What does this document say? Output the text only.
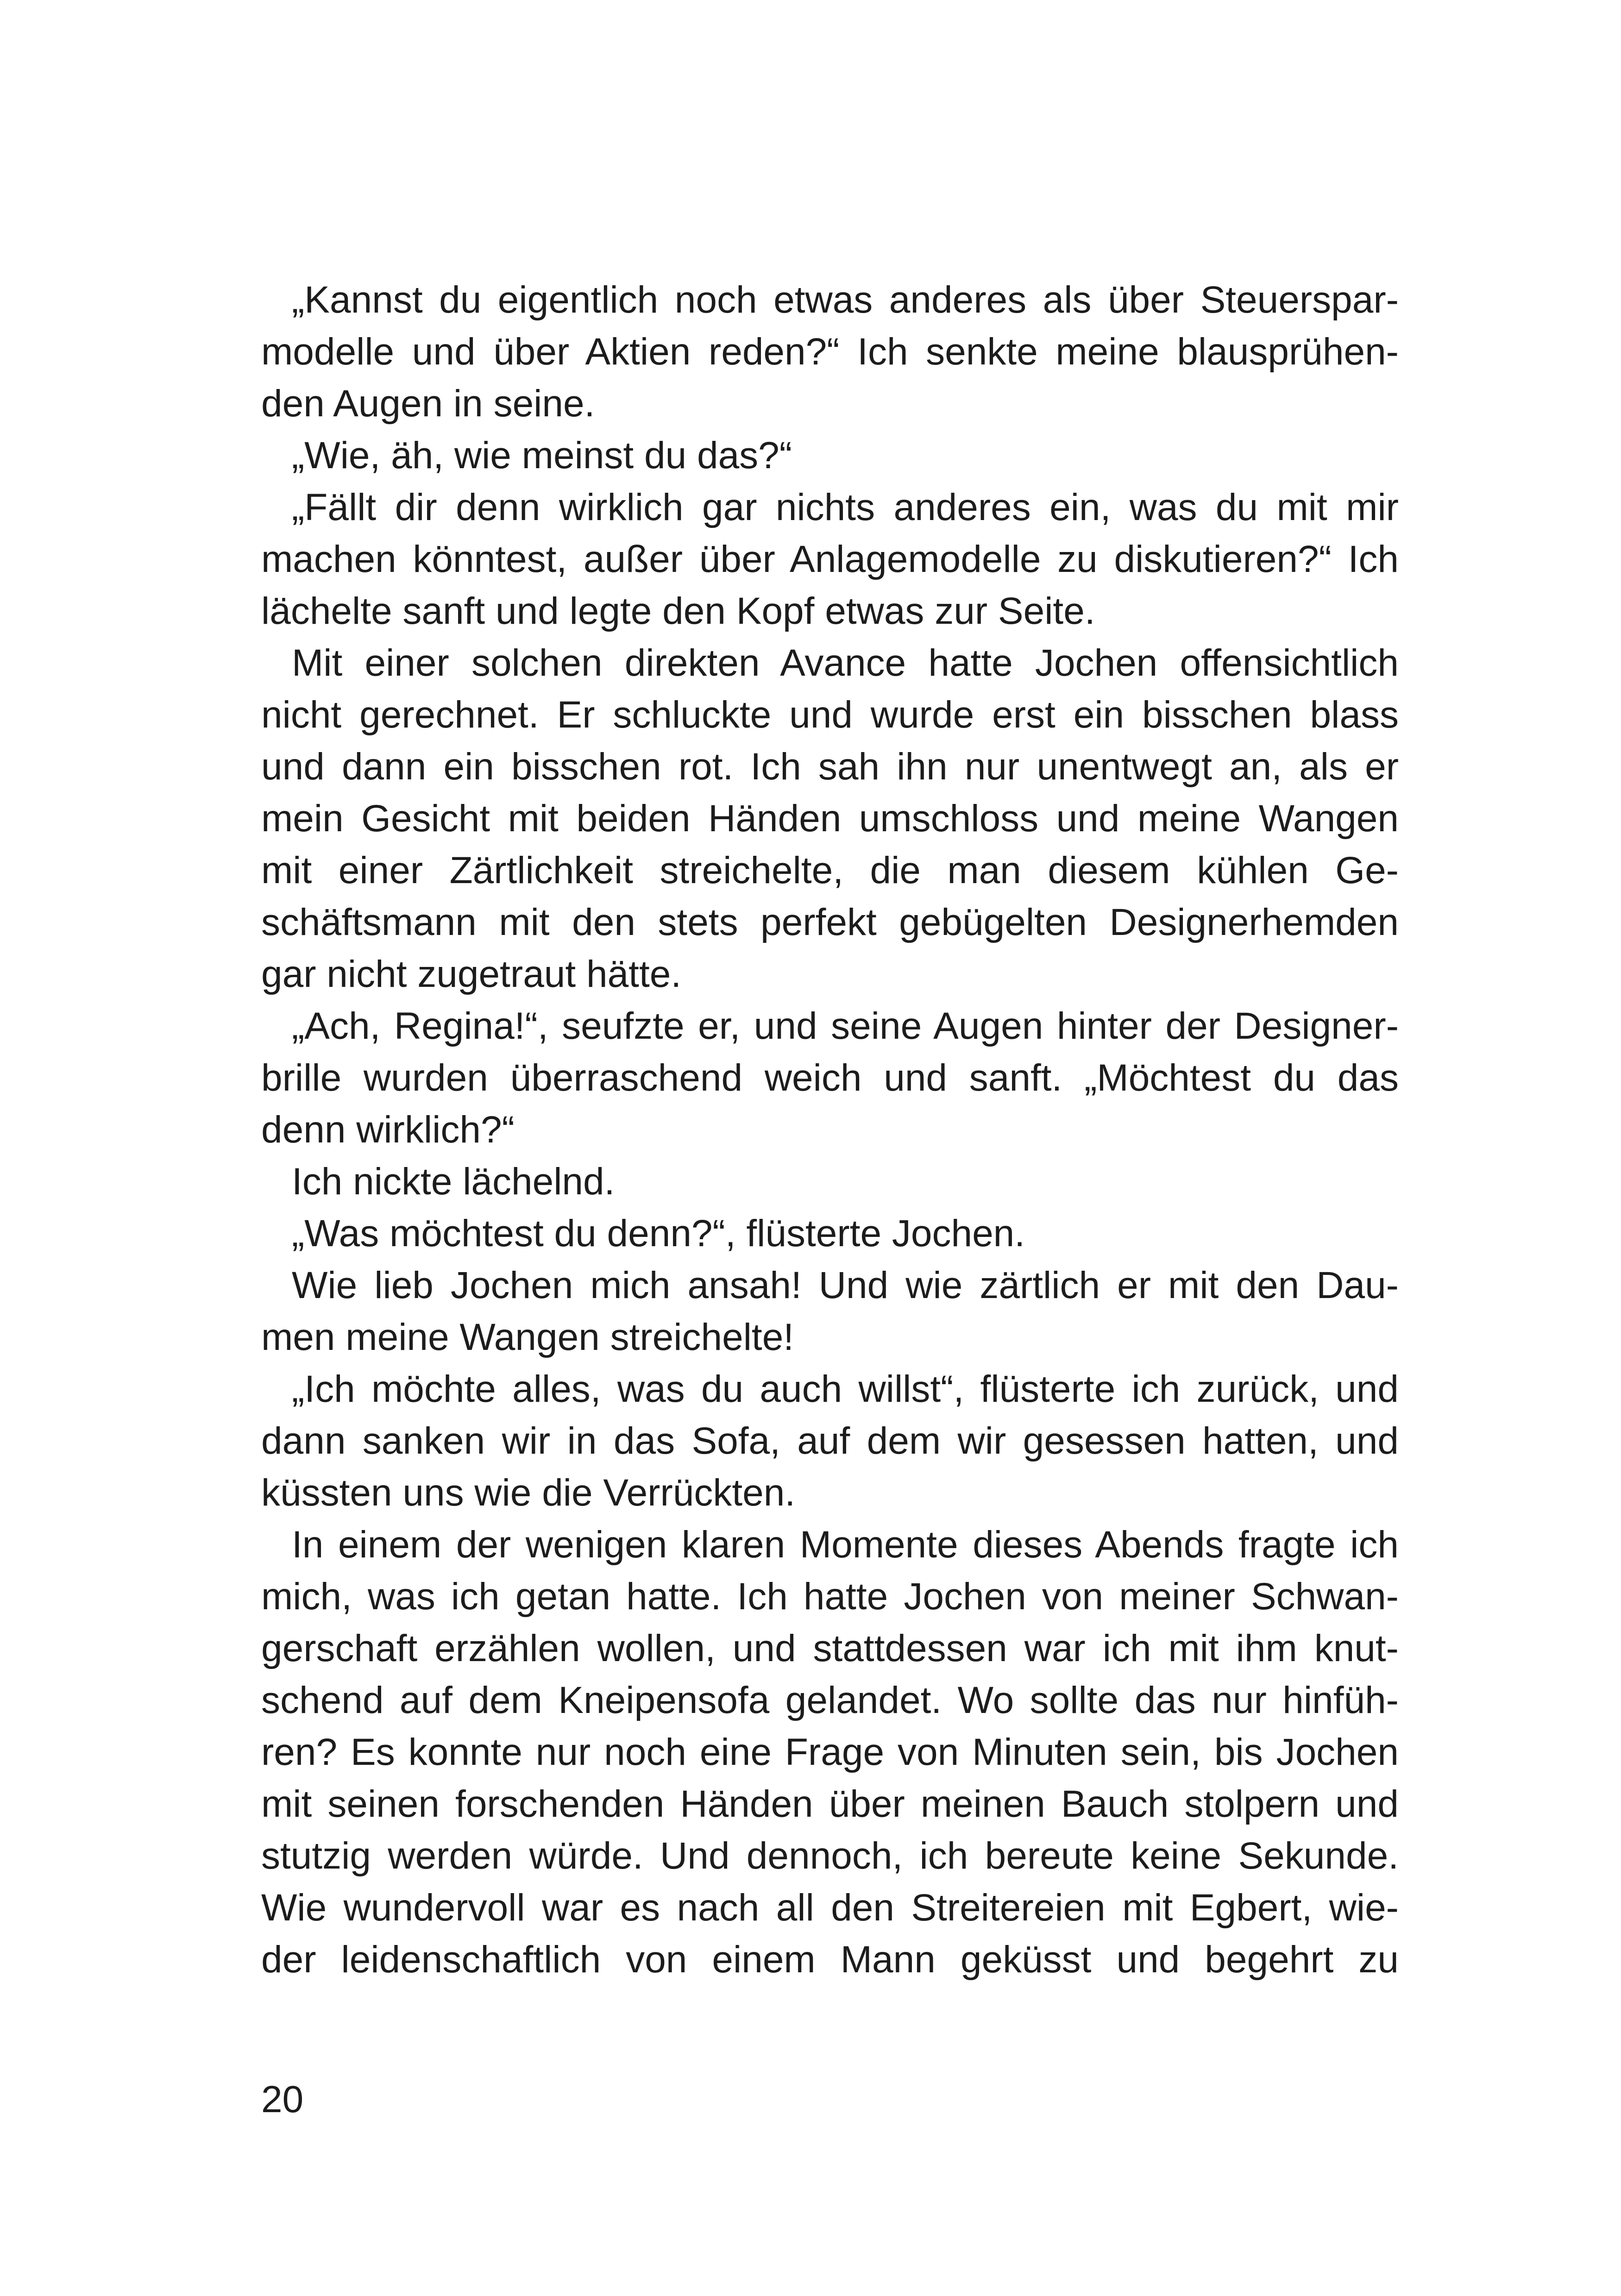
„Kannst du eigentlich noch etwas anderes als über Steuerspar-
modelle und über Aktien reden?“ Ich senkte meine blausprühen-
den Augen in seine.
„Wie, äh, wie meinst du das?“
„Fällt dir denn wirklich gar nichts anderes ein, was du mit mir
machen könntest, außer über Anlagemodelle zu diskutieren?“ Ich
lächelte sanft und legte den Kopf etwas zur Seite.
Mit einer solchen direkten Avance hatte Jochen offensichtlich
nicht gerechnet. Er schluckte und wurde erst ein bisschen blass
und dann ein bisschen rot. Ich sah ihn nur unentwegt an, als er
mein Gesicht mit beiden Händen umschloss und meine Wangen
mit einer Zärtlichkeit streichelte, die man diesem kühlen Ge-
schäftsmann mit den stets perfekt gebügelten Designerhemden
gar nicht zugetraut hätte.
„Ach, Regina!“, seufzte er, und seine Augen hinter der Designer-
brille wurden überraschend weich und sanft. „Möchtest du das
denn wirklich?“
Ich nickte lächelnd.
„Was möchtest du denn?“, flüsterte Jochen.
Wie lieb Jochen mich ansah! Und wie zärtlich er mit den Dau-
men meine Wangen streichelte!
„Ich möchte alles, was du auch willst“, flüsterte ich zurück, und
dann sanken wir in das Sofa, auf dem wir gesessen hatten, und
küssten uns wie die Verrückten.
In einem der wenigen klaren Momente dieses Abends fragte ich
mich, was ich getan hatte. Ich hatte Jochen von meiner Schwan-
gerschaft erzählen wollen, und stattdessen war ich mit ihm knut-
schend auf dem Kneipensofa gelandet. Wo sollte das nur hinfüh-
ren? Es konnte nur noch eine Frage von Minuten sein, bis Jochen
mit seinen forschenden Händen über meinen Bauch stolpern und
stutzig werden würde. Und dennoch, ich bereute keine Sekunde.
Wie wundervoll war es nach all den Streitereien mit Egbert, wie-
der leidenschaftlich von einem Mann geküsst und begehrt zu
20
